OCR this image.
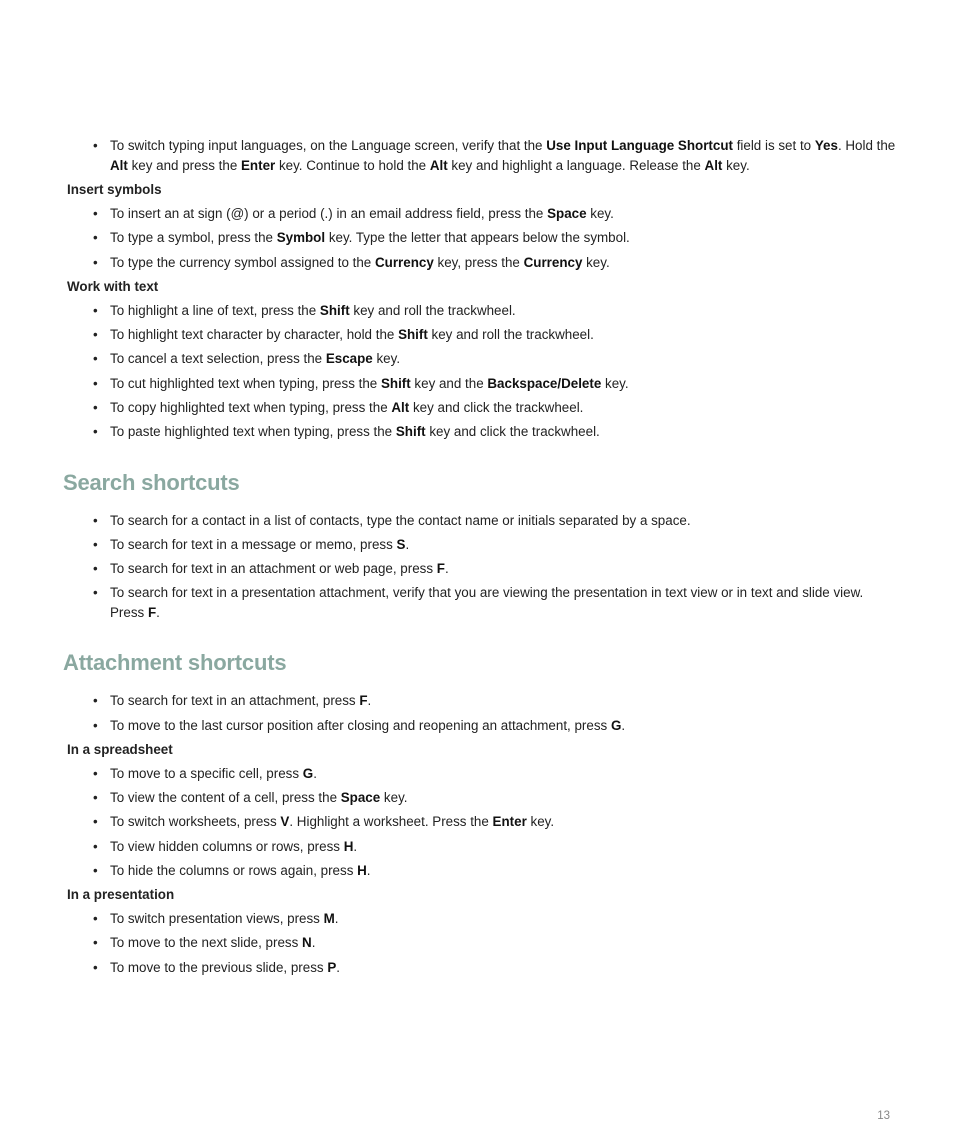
• To switch typing input languages, on the Language screen, verify that the Use Input Language Shortcut field is set to Yes. Hold the Alt key and press the Enter key. Continue to hold the Alt key and highlight a language. Release the Alt key.
Insert symbols
• To insert an at sign (@) or a period (.) in an email address field, press the Space key.
• To type a symbol, press the Symbol key. Type the letter that appears below the symbol.
• To type the currency symbol assigned to the Currency key, press the Currency key.
Work with text
• To highlight a line of text, press the Shift key and roll the trackwheel.
• To highlight text character by character, hold the Shift key and roll the trackwheel.
• To cancel a text selection, press the Escape key.
• To cut highlighted text when typing, press the Shift key and the Backspace/Delete key.
• To copy highlighted text when typing, press the Alt key and click the trackwheel.
• To paste highlighted text when typing, press the Shift key and click the trackwheel.
Search shortcuts
• To search for a contact in a list of contacts, type the contact name or initials separated by a space.
• To search for text in a message or memo, press S.
• To search for text in an attachment or web page, press F.
• To search for text in a presentation attachment, verify that you are viewing the presentation in text view or in text and slide view. Press F.
Attachment shortcuts
• To search for text in an attachment, press F.
• To move to the last cursor position after closing and reopening an attachment, press G.
In a spreadsheet
• To move to a specific cell, press G.
• To view the content of a cell, press the Space key.
• To switch worksheets, press V. Highlight a worksheet. Press the Enter key.
• To view hidden columns or rows, press H.
• To hide the columns or rows again, press H.
In a presentation
• To switch presentation views, press M.
• To move to the next slide, press N.
• To move to the previous slide, press P.
13
